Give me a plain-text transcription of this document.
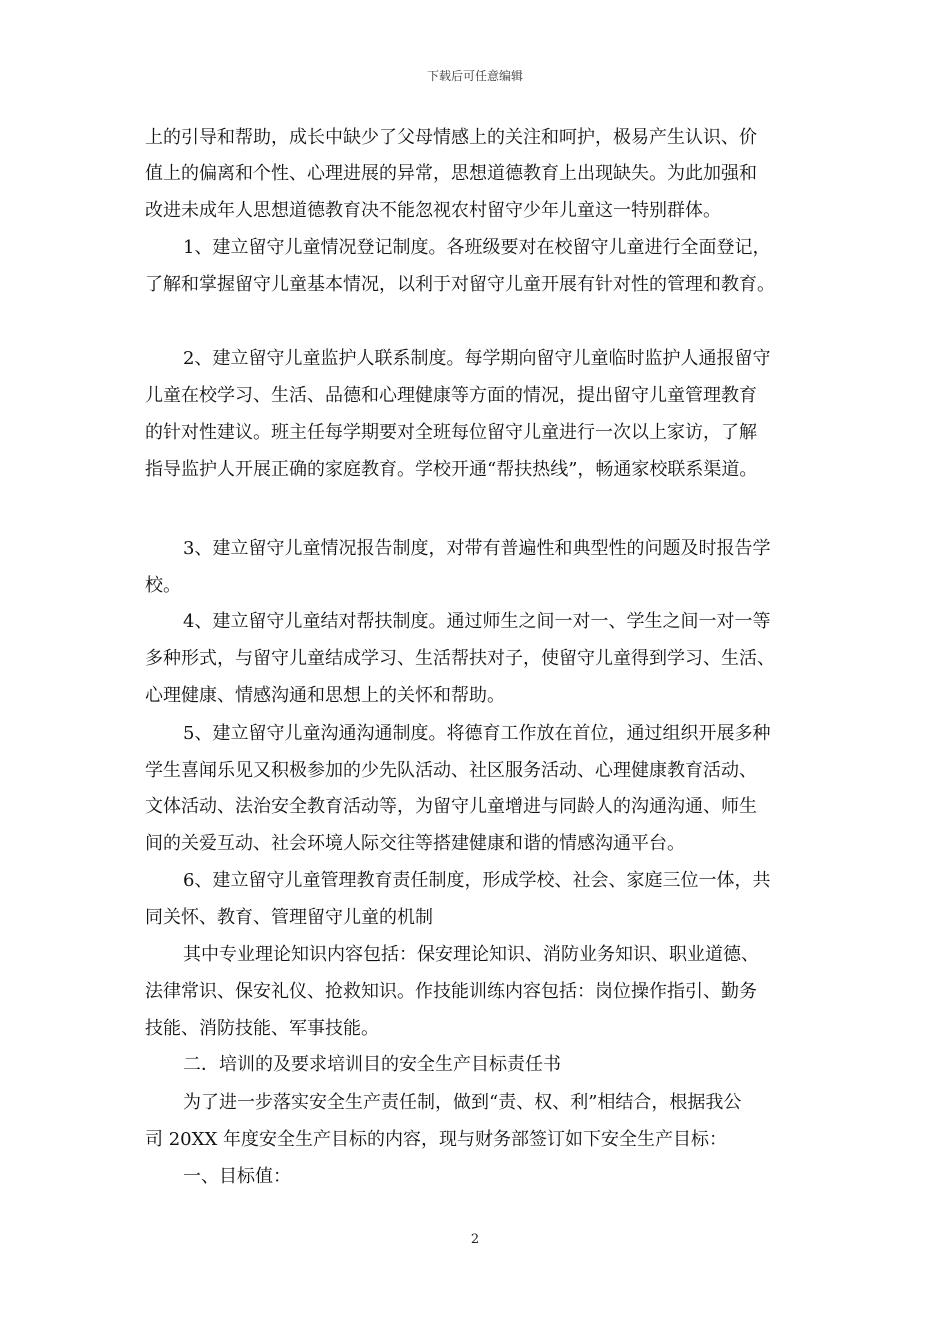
下载后可任意编辑
上的引导和帮助，成长中缺少了父母情感上的关注和呵护，极易产生认识、价
值上的偏离和个性、心理进展的异常，思想道德教育上出现缺失。为此加强和
改进未成年人思想道德教育决不能忽视农村留守少年儿童这一特别群体。
1、建立留守儿童情况登记制度。各班级要对在校留守儿童进行全面登记，
了解和掌握留守儿童基本情况，以利于对留守儿童开展有针对性的管理和教育。
2、建立留守儿童监护人联系制度。每学期向留守儿童临时监护人通报留守
儿童在校学习、生活、品德和心理健康等方面的情况，提出留守儿童管理教育
的针对性建议。班主任每学期要对全班每位留守儿童进行一次以上家访，了解
指导监护人开展正确的家庭教育。学校开通“帮扶热线”，畅通家校联系渠道。
3、建立留守儿童情况报告制度，对带有普遍性和典型性的问题及时报告学
校。
4、建立留守儿童结对帮扶制度。通过师生之间一对一、学生之间一对一等
多种形式，与留守儿童结成学习、生活帮扶对子，使留守儿童得到学习、生活、
心理健康、情感沟通和思想上的关怀和帮助。
5、建立留守儿童沟通沟通制度。将德育工作放在首位，通过组织开展多种
学生喜闻乐见又积极参加的少先队活动、社区服务活动、心理健康教育活动、
文体活动、法治安全教育活动等，为留守儿童增进与同龄人的沟通沟通、师生
间的关爱互动、社会环境人际交往等搭建健康和谐的情感沟通平台。
6、建立留守儿童管理教育责任制度，形成学校、社会、家庭三位一体，共
同关怀、教育、管理留守儿童的机制
其中专业理论知识内容包括：保安理论知识、消防业务知识、职业道德、
法律常识、保安礼仪、抢救知识。作技能训练内容包括：岗位操作指引、勤务
技能、消防技能、军事技能。
二．培训的及要求培训目的安全生产目标责任书
为了进一步落实安全生产责任制，做到“责、权、利”相结合，根据我公
司 20XX 年度安全生产目标的内容，现与财务部签订如下安全生产目标：
一、目标值：
2
